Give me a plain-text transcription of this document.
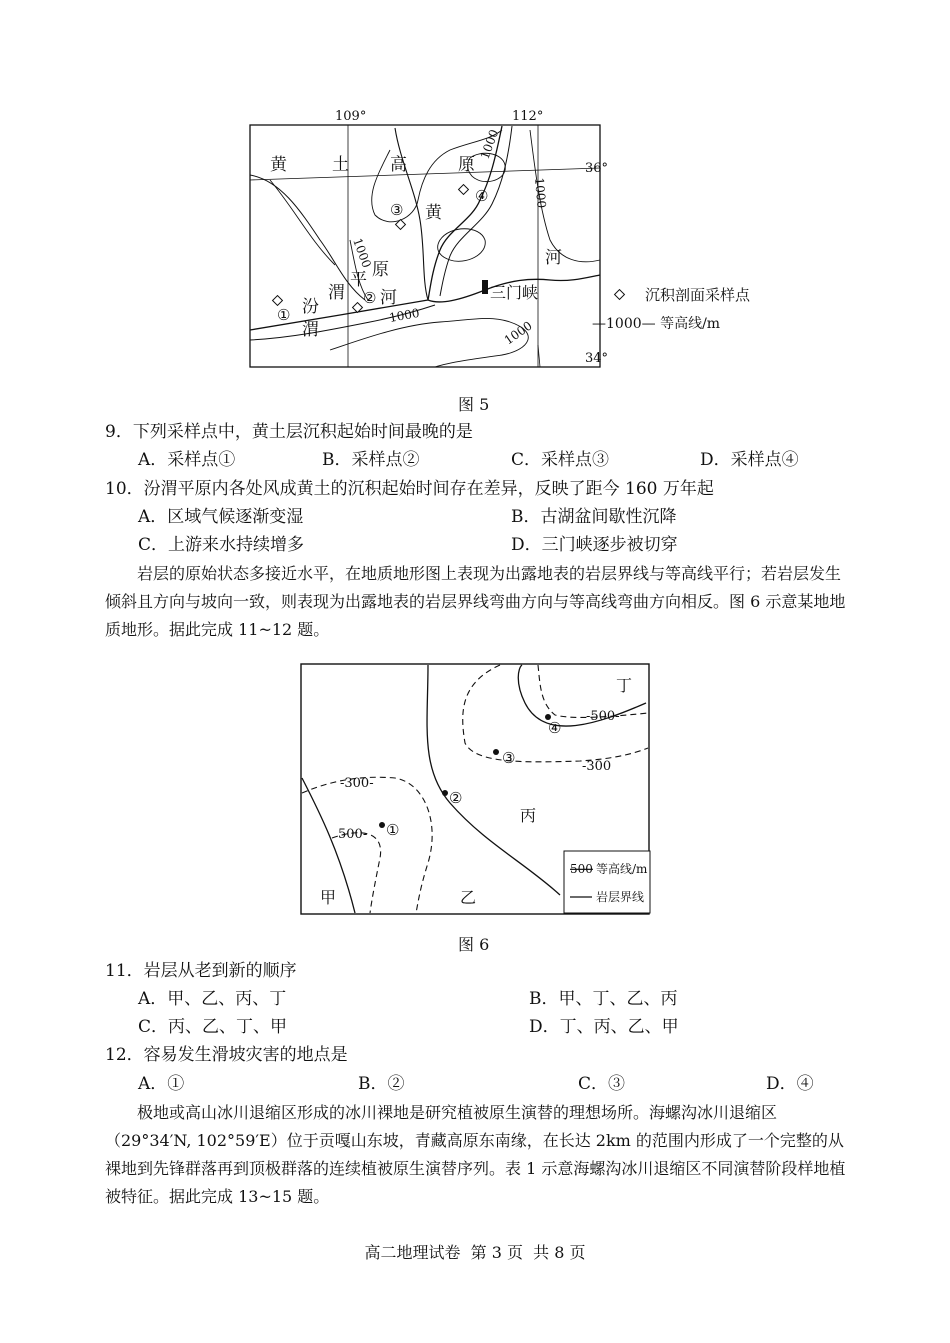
109°	112°
36°
34°
黄	土 高	原
黄
河
渭
平 原
河
汾
渭
三门峡
1000
1000
1000
1000
1000
①
②
③
④
沉积剖面采样点
—1000— 等高线/m
图 5
9．下列采样点中，黄土层沉积起始时间最晚的是
A．采样点①	B．采样点②	C．采样点③	D．采样点④
10．汾渭平原内各处风成黄土的沉积起始时间存在差异，反映了距今 160 万年起
A．区域气候逐渐变湿	B．古湖盆间歇性沉降
C．上游来水持续增多	D．三门峡逐步被切穿
岩层的原始状态多接近水平，在地质地形图上表现为出露地表的岩层界线与等高线平行；若岩层发生倾斜且方向与坡向一致，则表现为出露地表的岩层界线弯曲方向与等高线弯曲方向相反。图 6 示意某地地质地形。据此完成 11~12 题。
-300-
500-
-300
-500-
甲	乙
丙
丁
①
②
③
④
500 等高线/m
岩层界线
图 6
11．岩层从老到新的顺序
A．甲、乙、丙、丁	B．甲、丁、乙、丙
C．丙、乙、丁、甲	D．丁、丙、乙、甲
12．容易发生滑坡灾害的地点是
A．①	B．②	C．③	D．④
极地或高山冰川退缩区形成的冰川裸地是研究植被原生演替的理想场所。海螺沟冰川退缩区（29°34′N, 102°59′E）位于贡嘎山东坡，青藏高原东南缘，在长达 2km 的范围内形成了一个完整的从裸地到先锋群落再到顶极群落的连续植被原生演替序列。表 1 示意海螺沟冰川退缩区不同演替阶段样地植被特征。据此完成 13~15 题。
高二地理试卷  第 3 页  共 8 页
